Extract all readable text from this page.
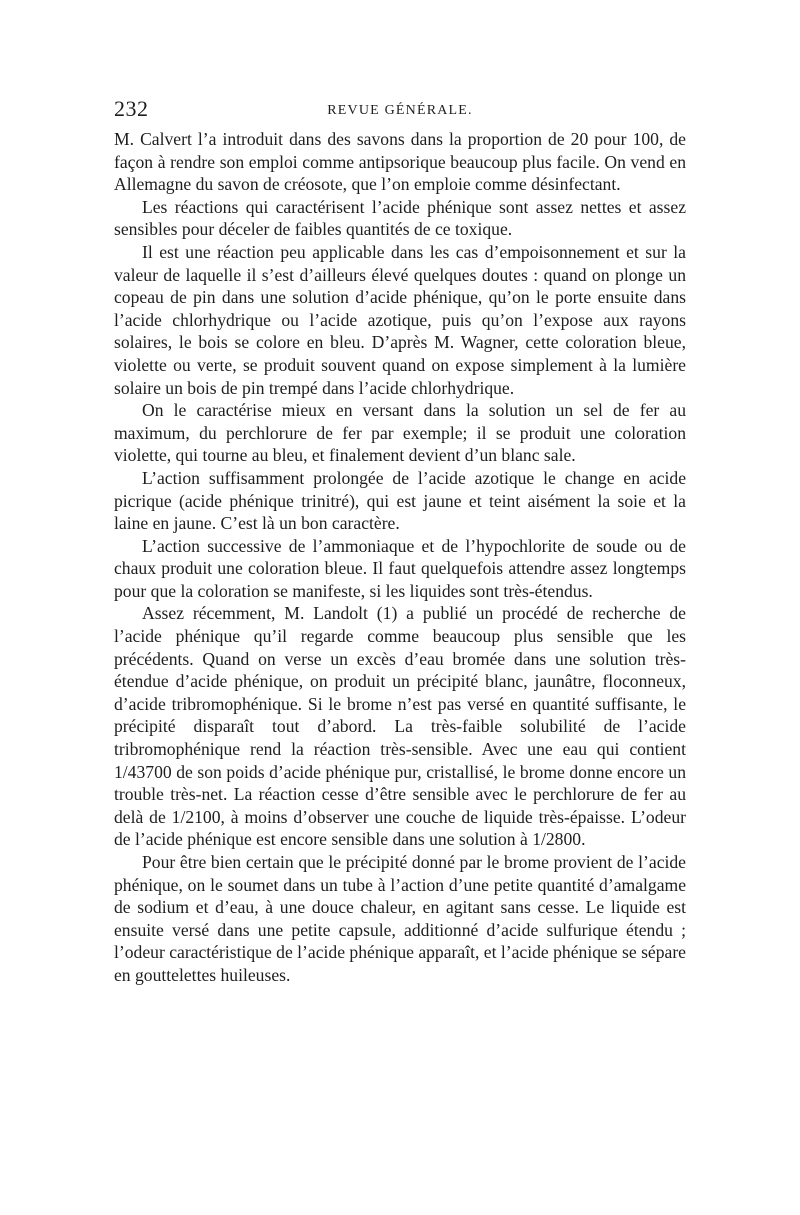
232	REVUE GÉNÉRALE.

M. Calvert l’a introduit dans des savons dans la proportion de 20 pour 100, de façon à rendre son emploi comme antipsorique beaucoup plus facile. On vend en Allemagne du savon de créosote, que l’on emploie comme désinfectant.

Les réactions qui caractérisent l’acide phénique sont assez nettes et assez sensibles pour déceler de faibles quantités de ce toxique.

Il est une réaction peu applicable dans les cas d’empoisonnement et sur la valeur de laquelle il s’est d’ailleurs élevé quelques doutes : quand on plonge un copeau de pin dans une solution d’acide phénique, qu’on le porte ensuite dans l’acide chlorhydrique ou l’acide azotique, puis qu’on l’expose aux rayons solaires, le bois se colore en bleu. D’après M. Wagner, cette coloration bleue, violette ou verte, se produit souvent quand on expose simplement à la lumière solaire un bois de pin trempé dans l’acide chlorhydrique.

On le caractérise mieux en versant dans la solution un sel de fer au maximum, du perchlorure de fer par exemple; il se produit une coloration violette, qui tourne au bleu, et finalement devient d’un blanc sale.

L’action suffisamment prolongée de l’acide azotique le change en acide picrique (acide phénique trinitré), qui est jaune et teint aisément la soie et la laine en jaune. C’est là un bon caractère.

L’action successive de l’ammoniaque et de l’hypochlorite de soude ou de chaux produit une coloration bleue. Il faut quelquefois attendre assez longtemps pour que la coloration se manifeste, si les liquides sont très-étendus.

Assez récemment, M. Landolt (1) a publié un procédé de recherche de l’acide phénique qu’il regarde comme beaucoup plus sensible que les précédents. Quand on verse un excès d’eau bromée dans une solution très-étendue d’acide phénique, on produit un précipité blanc, jaunâtre, floconneux, d’acide tribromophénique. Si le brome n’est pas versé en quantité suffisante, le précipité disparaît tout d’abord. La très-faible solubilité de l’acide tribromophénique rend la réaction très-sensible. Avec une eau qui contient 1/43700 de son poids d’acide phénique pur, cristallisé, le brome donne encore un trouble très-net. La réaction cesse d’être sensible avec le perchlorure de fer au delà de 1/2100, à moins d’observer une couche de liquide très-épaisse. L’odeur de l’acide phénique est encore sensible dans une solution à 1/2800.

Pour être bien certain que le précipité donné par le brome provient de l’acide phénique, on le soumet dans un tube à l’action d’une petite quantité d’amalgame de sodium et d’eau, à une douce chaleur, en agitant sans cesse. Le liquide est ensuite versé dans une petite capsule, additionné d’acide sulfurique étendu ; l’odeur caractéristique de l’acide phénique apparaît, et l’acide phénique se sépare en gouttelettes huileuses.
